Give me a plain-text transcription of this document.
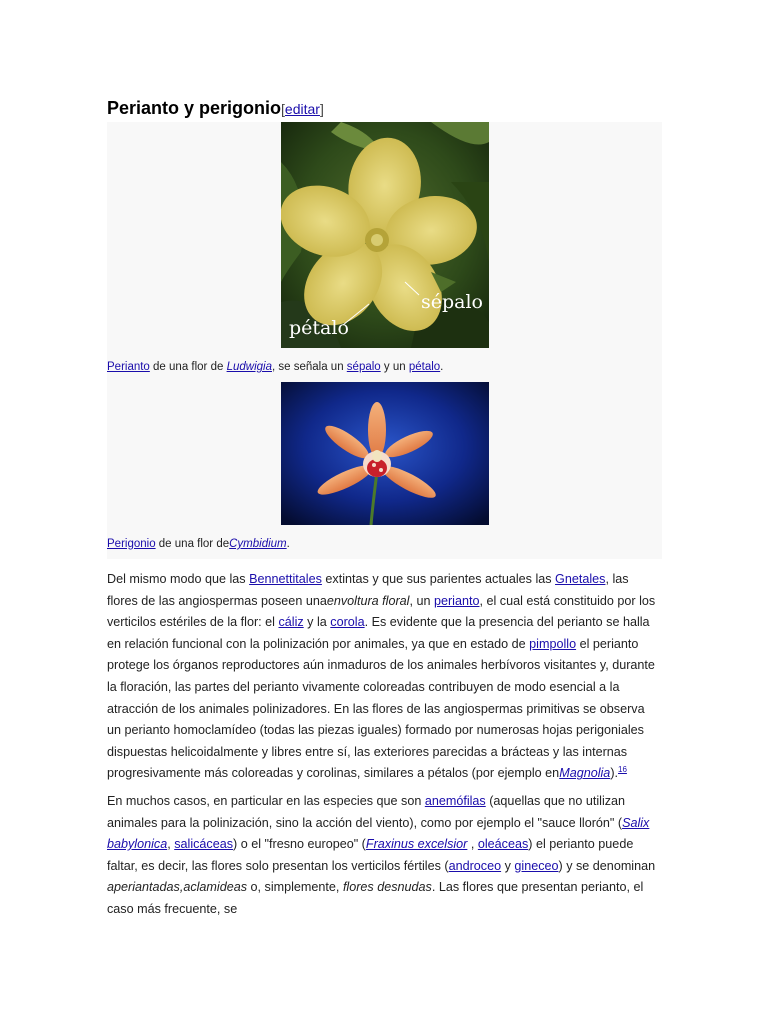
Perianto y perigonio[editar]
pétalo
sépalo
Perianto de una flor de Ludwigia, se señala un sépalo y un pétalo.
Perigonio de una flor deCymbidium.

Del mismo modo que las Bennettitales extintas y que sus parientes actuales las Gnetales, las flores de las angiospermas poseen unaenvoltura floral, un perianto, el cual está constituido por los verticilos estériles de la flor: el cáliz y la corola. Es evidente que la presencia del perianto se halla en relación funcional con la polinización por animales, ya que en estado de pimpollo el perianto protege los órganos reproductores aún inmaduros de los animales herbívoros visitantes y, durante la floración, las partes del perianto vivamente coloreadas contribuyen de modo esencial a la atracción de los animales polinizadores. En las flores de las angiospermas primitivas se observa un perianto homoclamídeo (todas las piezas iguales) formado por numerosas hojas perigoniales dispuestas helicoidalmente y libres entre sí, las exteriores parecidas a brácteas y las internas progresivamente más coloreadas y corolinas, similares a pétalos (por ejemplo enMagnolia).$^{16}$

En muchos casos, en particular en las especies que son anemófilas (aquellas que no utilizan animales para la polinización, sino la acción del viento), como por ejemplo el "sauce llorón" (Salix babylonica, salicáceas) o el "fresno europeo" (Fraxinus excelsior , oleáceas) el perianto puede faltar, es decir, las flores solo presentan los verticilos fértiles (androceo y gineceo) y se denominan aperiantadas,aclamideas o, simplemente, flores desnudas. Las flores que presentan perianto, el caso más frecuente, se
